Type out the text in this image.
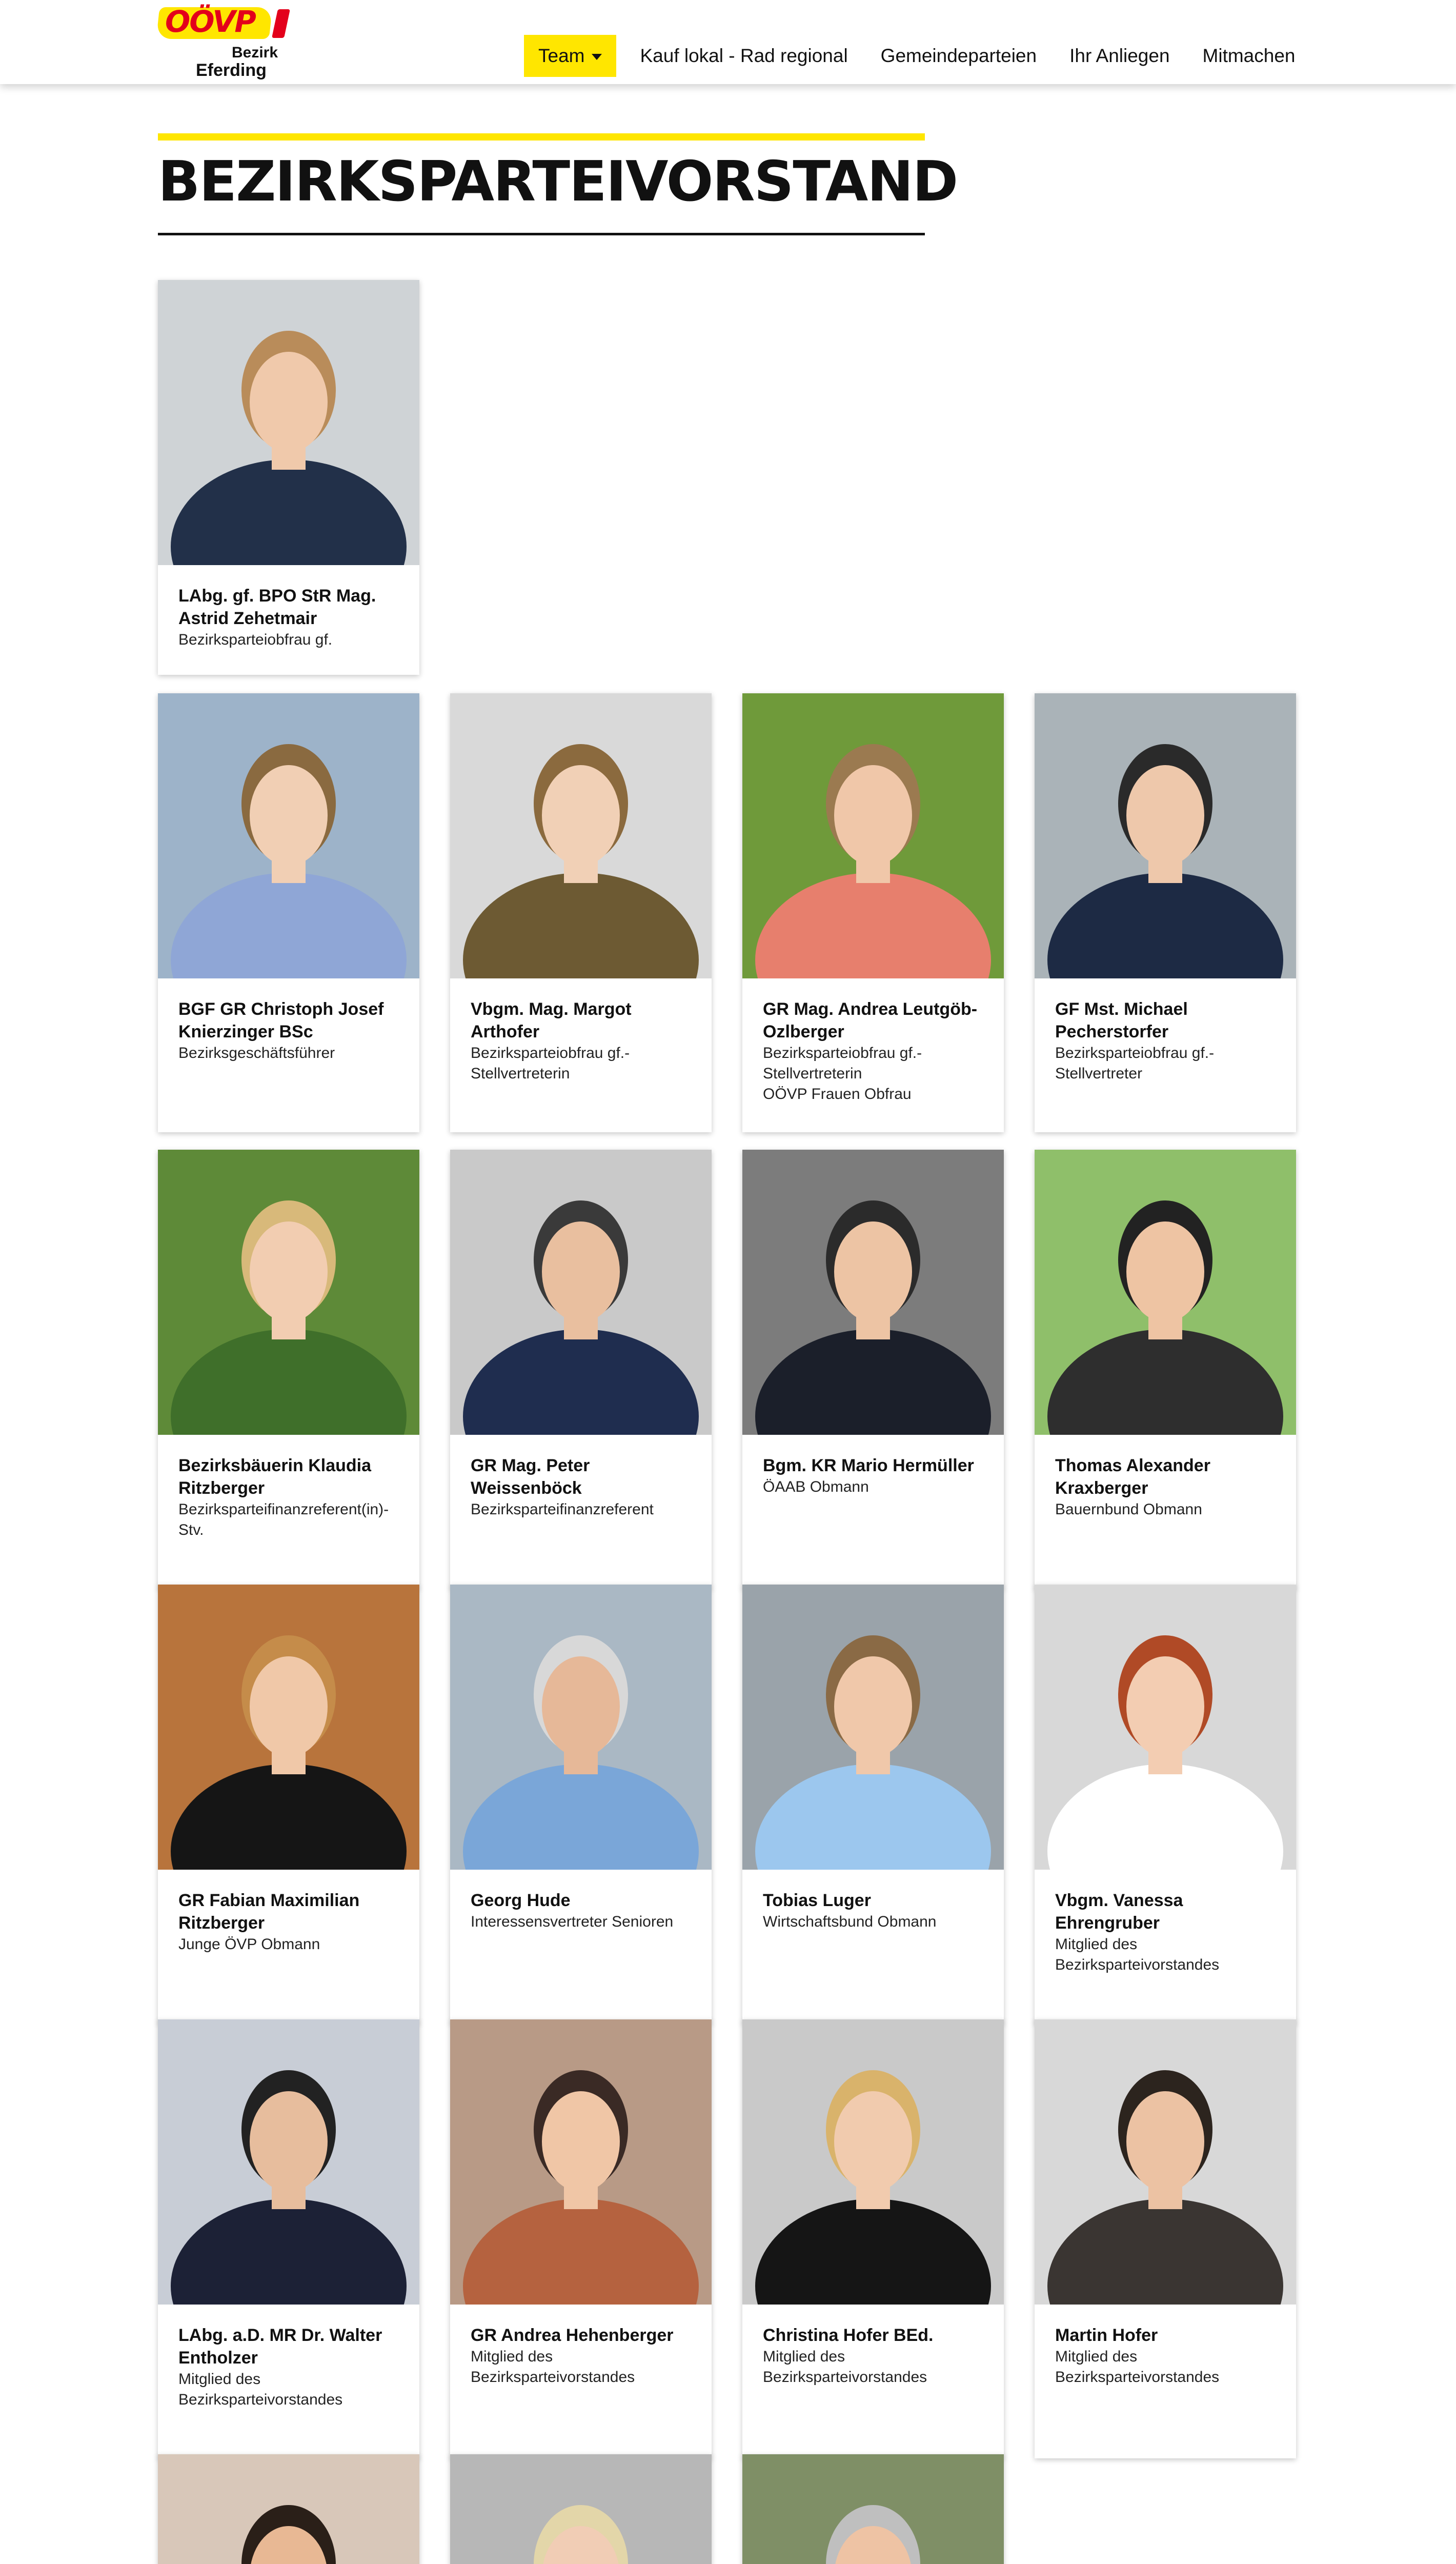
OÖVP
Bezirk
Eferding
Team	Kauf lokal - Rad regional Gemeindeparteien Ihr Anliegen Mitmachen
BEZIRKSPARTEIVORSTAND
LAbg. gf. BPO StR Mag. Astrid Zehetmair
Bezirksparteiobfrau gf.
BGF GR Christoph Josef Knierzinger BSc
Bezirksgeschäftsführer
Vbgm. Mag. Margot Arthofer
Bezirksparteiobfrau gf.-Stellvertreterin
GR Mag. Andrea Leutgöb-Ozlberger
Bezirksparteiobfrau gf.-
Stellvertreterin
OÖVP Frauen Obfrau
GF Mst. Michael Pecherstorfer
Bezirksparteiobfrau gf.-Stellvertreter
Bezirksbäuerin Klaudia Ritzberger
Bezirksparteifinanzreferent(in)-Stv.
GR Mag. Peter Weissenböck
Bezirksparteifinanzreferent
Bgm. KR Mario Hermüller
ÖAAB Obmann
Thomas Alexander Kraxberger
Bauernbund Obmann
GR Fabian Maximilian Ritzberger
Junge ÖVP Obmann
Georg Hude
Interessensvertreter Senioren
Tobias Luger
Wirtschaftsbund Obmann
Vbgm. Vanessa Ehrengruber
Mitglied des Bezirksparteivorstandes
LAbg. a.D. MR Dr. Walter Entholzer
Mitglied des Bezirksparteivorstandes
GR Andrea Hehenberger
Mitglied des Bezirksparteivorstandes
Christina Hofer BEd.
Mitglied des Bezirksparteivorstandes
Martin Hofer
Mitglied des Bezirksparteivorstandes
